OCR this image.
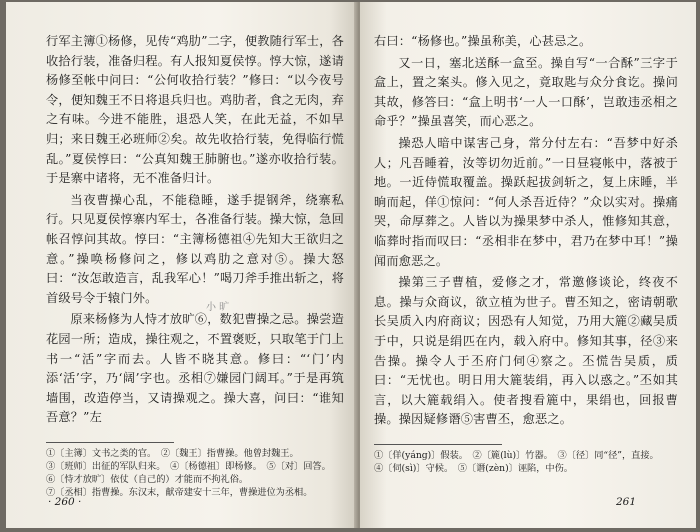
行军主簿①杨修，见传“鸡肋”二字，便教随行军士，各收拾行装，准备归程。有人报知夏侯惇。惇大惊，遂请杨修至帐中问曰：“公何收拾行装？”修曰：“以今夜号令，便知魏王不日将退兵归也。鸡肋者，食之无肉，弃之有味。今进不能胜，退恐人笑，在此无益，不如早归；来日魏王必班师②矣。故先收拾行装，免得临行慌乱。”夏侯惇曰：“公真知魏王肺腑也。”遂亦收拾行装。于是寨中诸将，无不准备归计。

当夜曹操心乱，不能稳睡，遂手提钢斧，绕寨私行。只见夏侯惇寨内军士，各准备行装。操大惊，急回帐召惇问其故。惇曰：“主簿杨德祖④先知大王欲归之意。”操唤杨修问之，修以鸡肋之意对⑤。操大怒曰：“汝怎敢造言，乱我军心！”喝刀斧手推出斩之，将首级号令于辕门外。

原来杨修为人恃才放旷⑥，数犯曹操之忌。操尝造花园一所；造成，操往观之，不置褒贬，只取笔于门上书一“活”字而去。人皆不晓其意。修曰：“‘门’内添‘活’字，乃‘阔’字也。丞相⑦嫌园门阔耳。”于是再筑墙围，改造停当，又请操观之。操大喜，问曰：“谁知吾意？”左

小 旷

①〔主簿〕文书之类的官。　②〔魏王〕指曹操。他曾封魏王。

③〔班师〕出征的军队归来。　④〔杨德祖〕即杨修。　⑤〔对〕回答。

⑥〔恃才放旷〕依仗（自己的）才能而不拘礼俗。

⑦〔丞相〕指曹操。东汉末，献帝建安十三年，曹操进位为丞相。

· 260 ·

右曰：“杨修也。”操虽称美，心甚忌之。

又一日，塞北送酥一盒至。操自写“一合酥”三字于盒上，置之案头。修入见之，竟取匙与众分食讫。操问其故，修答曰：“盒上明书‘一人一口酥’，岂敢违丞相之命乎？”操虽喜笑，而心恶之。

操恐人暗中谋害己身，常分付左右：“吾梦中好杀人；凡吾睡着，汝等切勿近前。”一日昼寝帐中，落被于地。一近侍慌取覆盖。操跃起拔剑斩之，复上床睡，半晌而起，佯①惊问：“何人杀吾近侍？”众以实对。操痛哭，命厚葬之。人皆以为操果梦中杀人，惟修知其意，临葬时指而叹曰：“丞相非在梦中，君乃在梦中耳！”操闻而愈恶之。

操第三子曹植，爱修之才，常邀修谈论，终夜不息。操与众商议，欲立植为世子。曹丕知之，密请朝歌长吴质入内府商议；因恐有人知觉，乃用大簏②藏吴质于中，只说是绢匹在内，载入府中。修知其事，径③来告操。操令人于丕府门伺④察之。丕慌告吴质，质曰：“无忧也。明日用大簏装绢，再入以惑之。”丕如其言，以大簏载绢入。使者搜看簏中，果绢也，回报曹操。操因疑修谮⑤害曹丕，愈恶之。

①〔佯(yáng)〕假装。　②〔簏(lù)〕竹器。　③〔径〕同“径”，直接。

④〔伺(sì)〕守候。　⑤〔谮(zèn)〕诬陷，中伤。

261
